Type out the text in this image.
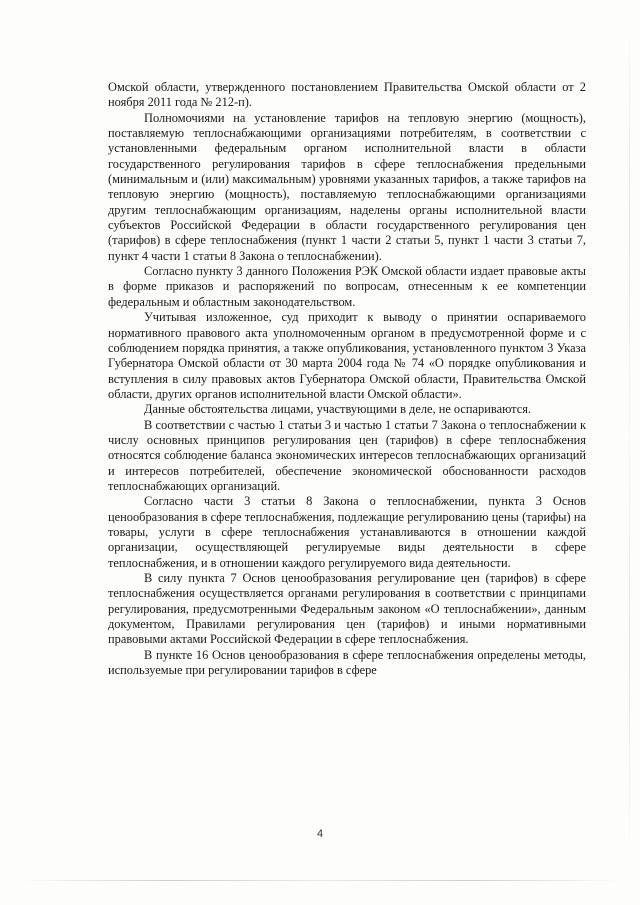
Омской области, утвержденного постановлением Правительства Омской области от 2 ноября 2011 года № 212-п).

Полномочиями на установление тарифов на тепловую энергию (мощность), поставляемую теплоснабжающими организациями потребителям, в соответствии с установленными федеральным органом исполнительной власти в области государственного регулирования тарифов в сфере теплоснабжения предельными (минимальным и (или) максимальным) уровнями указанных тарифов, а также тарифов на тепловую энергию (мощность), поставляемую теплоснабжающими организациями другим теплоснабжающим организациям, наделены органы исполнительной власти субъектов Российской Федерации в области государственного регулирования цен (тарифов) в сфере теплоснабжения (пункт 1 части 2 статьи 5, пункт 1 части 3 статьи 7, пункт 4 части 1 статьи 8 Закона о теплоснабжении).

Согласно пункту 3 данного Положения РЭК Омской области издает правовые акты в форме приказов и распоряжений по вопросам, отнесенным к ее компетенции федеральным и областным законодательством.

Учитывая изложенное, суд приходит к выводу о принятии оспариваемого нормативного правового акта уполномоченным органом в предусмотренной форме и с соблюдением порядка принятия, а также опубликования, установленного пунктом 3 Указа Губернатора Омской области от 30 марта 2004 года № 74 «О порядке опубликования и вступления в силу правовых актов Губернатора Омской области, Правительства Омской области, других органов исполнительной власти Омской области».

Данные обстоятельства лицами, участвующими в деле, не оспариваются.

В соответствии с частью 1 статьи 3 и частью 1 статьи 7 Закона о теплоснабжении к числу основных принципов регулирования цен (тарифов) в сфере теплоснабжения относятся соблюдение баланса экономических интересов теплоснабжающих организаций и интересов потребителей, обеспечение экономической обоснованности расходов теплоснабжающих организаций.

Согласно части 3 статьи 8 Закона о теплоснабжении, пункта 3 Основ ценообразования в сфере теплоснабжения, подлежащие регулированию цены (тарифы) на товары, услуги в сфере теплоснабжения устанавливаются в отношении каждой организации, осуществляющей регулируемые виды деятельности в сфере теплоснабжения, и в отношении каждого регулируемого вида деятельности.

В силу пункта 7 Основ ценообразования регулирование цен (тарифов) в сфере теплоснабжения осуществляется органами регулирования в соответствии с принципами регулирования, предусмотренными Федеральным законом «О теплоснабжении», данным документом, Правилами регулирования цен (тарифов) и иными нормативными правовыми актами Российской Федерации в сфере теплоснабжения.

В пункте 16 Основ ценообразования в сфере теплоснабжения определены методы, используемые при регулировании тарифов в сфере

4
